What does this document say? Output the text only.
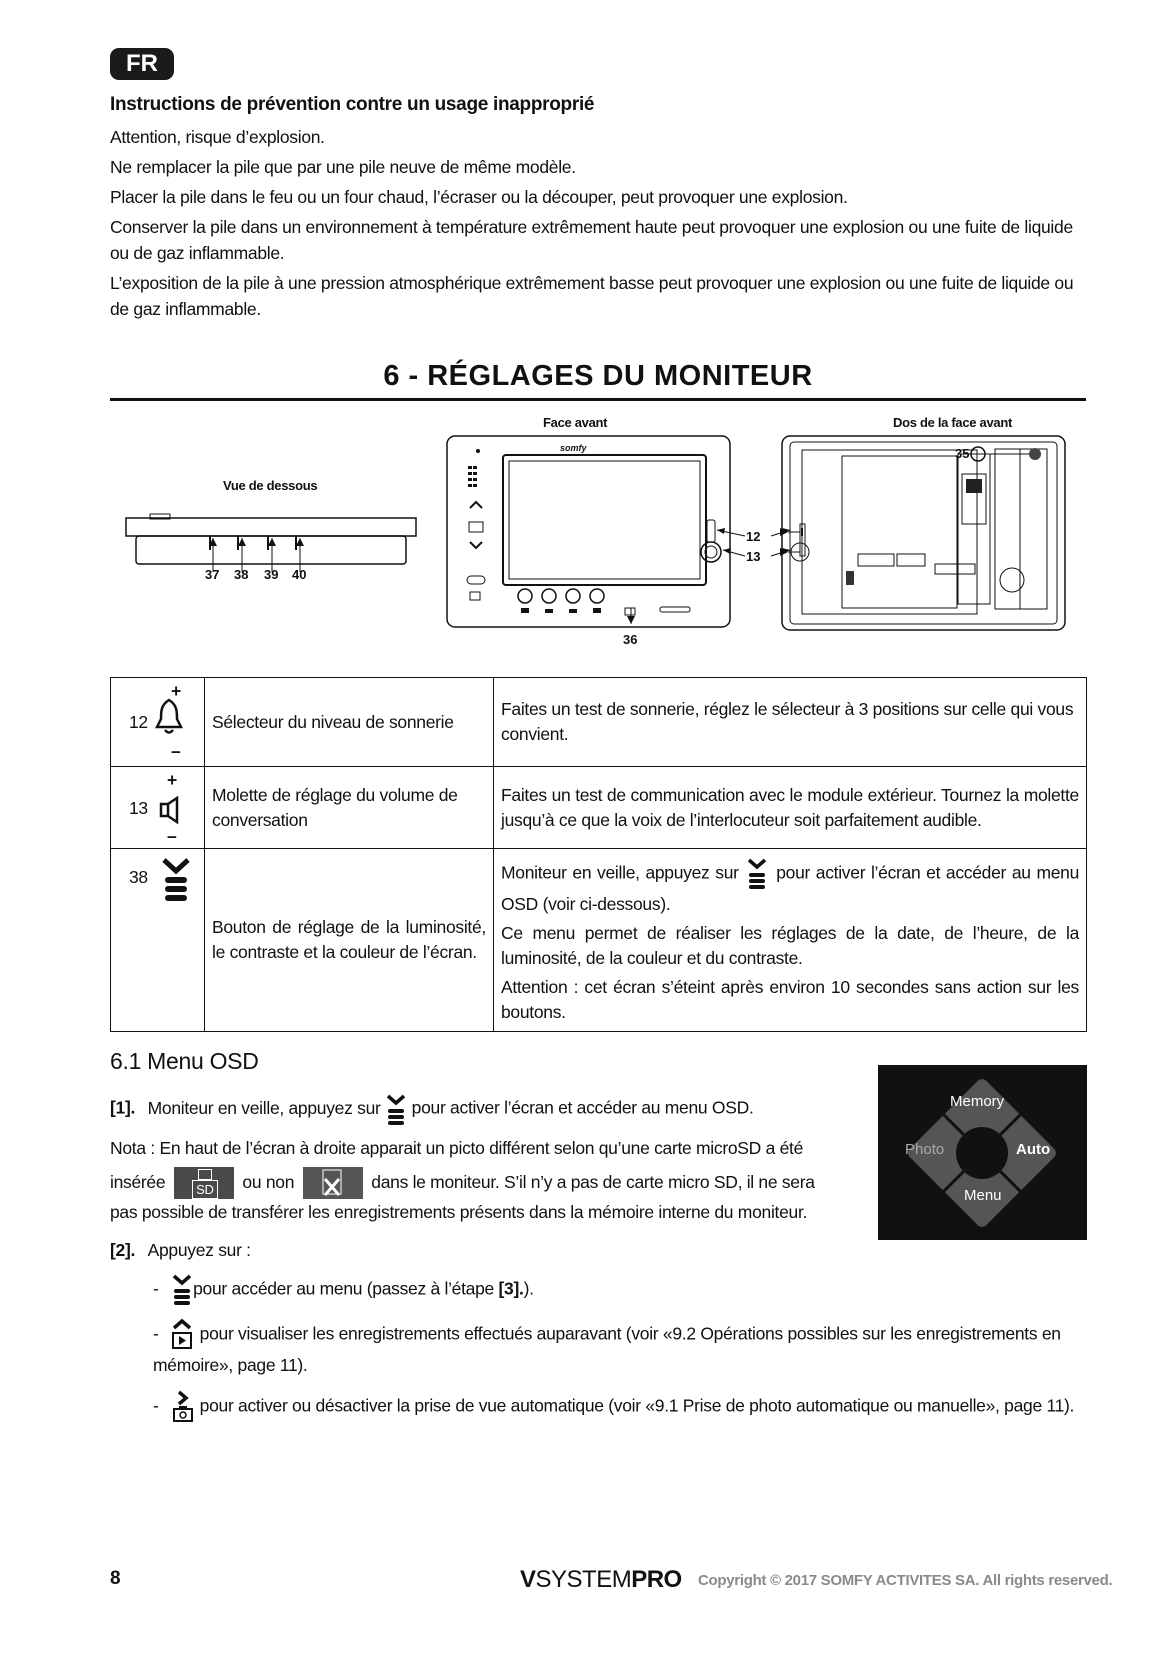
FR
Instructions de prévention contre un usage inapproprié
Attention, risque d’explosion.
Ne remplacer la pile que par une pile neuve de même modèle.
Placer la pile dans le feu ou un four chaud, l’écraser ou la découper, peut provoquer une explosion.
Conserver la pile dans un environnement à température extrêmement haute peut provoquer une explosion ou une fuite de liquide ou de gaz inflammable.
L’exposition de la pile à une pression atmosphérique extrêmement basse peut provoquer une explosion ou une fuite de liquide ou de gaz inflammable.
6 - RÉGLAGES DU MONITEUR
Vue de dessous
Face avant	Dos de la face avant
37 38 39 40
somfy
12
13
36
35
12
+
–	Sélecteur du niveau de sonnerie	Faites un test de sonnerie, réglez le sélecteur à 3 positions sur celle qui vous convient.

13
+
–	Molette de réglage du volume de conversation	Faites un test de communication avec le module extérieur. Tournez la molette jusqu’à ce que la voix de l’interlocuteur soit parfaitement audible.

38	Bouton de réglage de la luminosité, le contraste et la couleur de l’écran.	Moniteur en veille, appuyez sur pour activer l’écran et accéder au menu OSD (voir ci-dessous).
Ce menu permet de réaliser les réglages de la date, de l’heure, de la luminosité, de la couleur et du contraste.
Attention : cet écran s’éteint après environ 10 secondes sans action sur les boutons.
6.1 Menu OSD
[1]. Moniteur en veille, appuyez sur pour activer l’écran et accéder au menu OSD.
Nota : En haut de l’écran à droite apparait un picto différent selon qu’une carte microSD a été
insérée	SD ou non	dans le moniteur. S’il n’y a pas de carte micro SD, il ne sera
pas possible de transférer les enregistrements présents dans la mémoire interne du moniteur.
Memory
Photo	Auto
Menu
[2]. Appuyez sur :
- pour accéder au menu (passez à l’étape [3].).
- pour visualiser les enregistrements effectués auparavant (voir «9.2 Opérations possibles sur les enregistrements en mémoire», page 11).
- pour activer ou désactiver la prise de vue automatique (voir «9.1 Prise de photo automatique ou manuelle», page 11).
8	VSYSTEMPRO Copyright © 2017 SOMFY ACTIVITES SA. All rights reserved.
